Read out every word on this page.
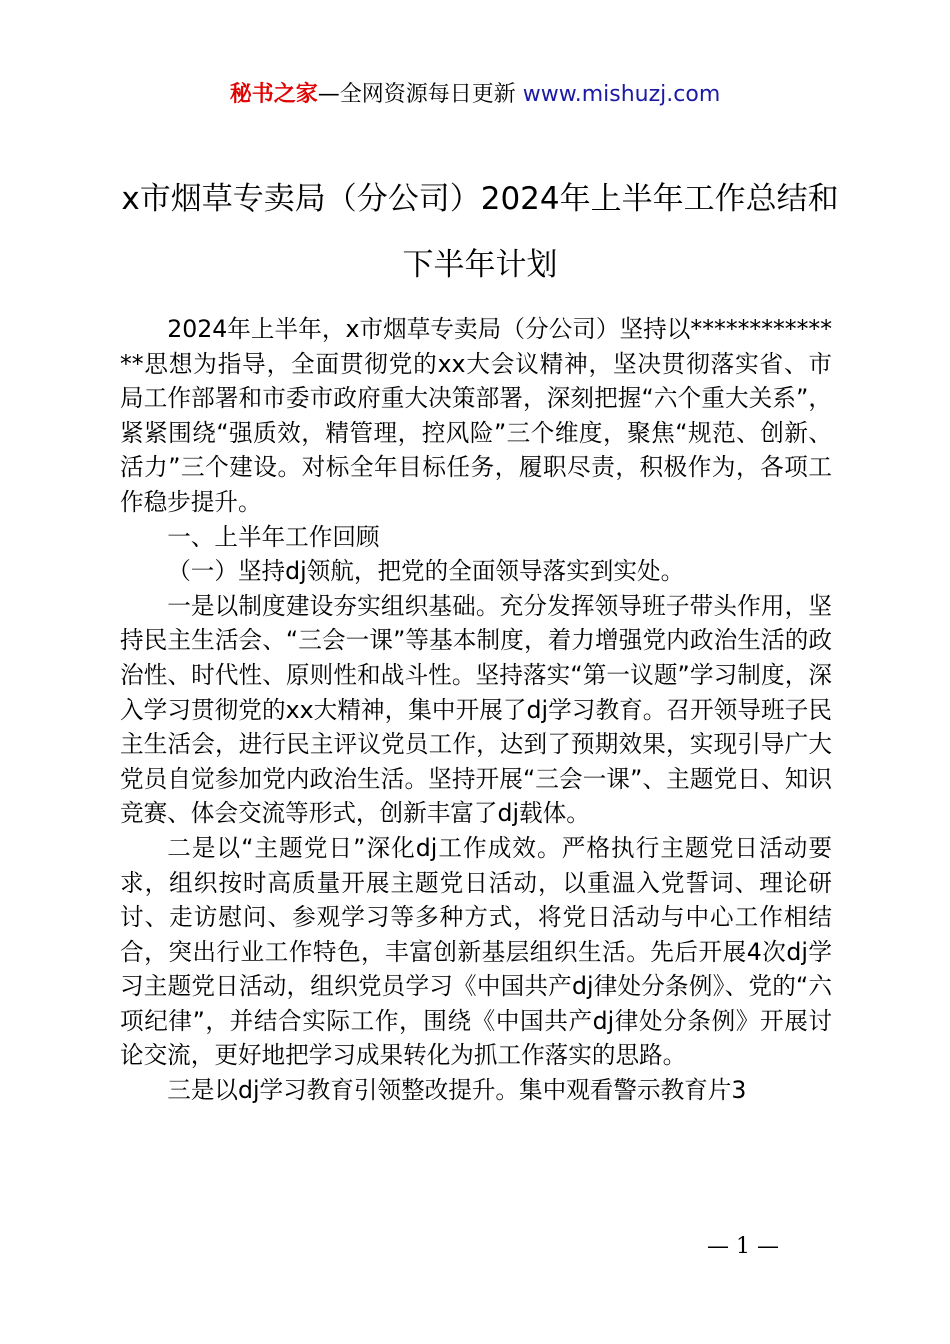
秘书之家—全网资源每日更新 www.mishuzj.com
x市烟草专卖局（分公司）2024年上半年工作总结和下半年计划

2024年上半年，x市烟草专卖局（分公司）坚持以**************思想为指导，全面贯彻党的xx大会议精神，坚决贯彻落实省、市局工作部署和市委市政府重大决策部署，深刻把握“六个重大关系”，紧紧围绕“强质效，精管理，控风险”三个维度，聚焦“规范、创新、活力”三个建设。对标全年目标任务，履职尽责，积极作为，各项工作稳步提升。

一、上半年工作回顾

（一）坚持dj领航，把党的全面领导落实到实处。

一是以制度建设夯实组织基础。充分发挥领导班子带头作用，坚持民主生活会、“三会一课”等基本制度，着力增强党内政治生活的政治性、时代性、原则性和战斗性。坚持落实“第一议题”学习制度，深入学习贯彻党的xx大精神，集中开展了dj学习教育。召开领导班子民主生活会，进行民主评议党员工作，达到了预期效果，实现引导广大党员自觉参加党内政治生活。坚持开展“三会一课”、主题党日、知识竞赛、体会交流等形式，创新丰富了dj载体。

二是以“主题党日”深化dj工作成效。严格执行主题党日活动要求，组织按时高质量开展主题党日活动，以重温入党誓词、理论研讨、走访慰问、参观学习等多种方式，将党日活动与中心工作相结合，突出行业工作特色，丰富创新基层组织生活。先后开展4次dj学习主题党日活动，组织党员学习《中国共产dj律处分条例》、党的“六项纪律”，并结合实际工作，围绕《中国共产dj律处分条例》开展讨论交流，更好地把学习成果转化为抓工作落实的思路。

三是以dj学习教育引领整改提升。集中观看警示教育片3

— 1 —
